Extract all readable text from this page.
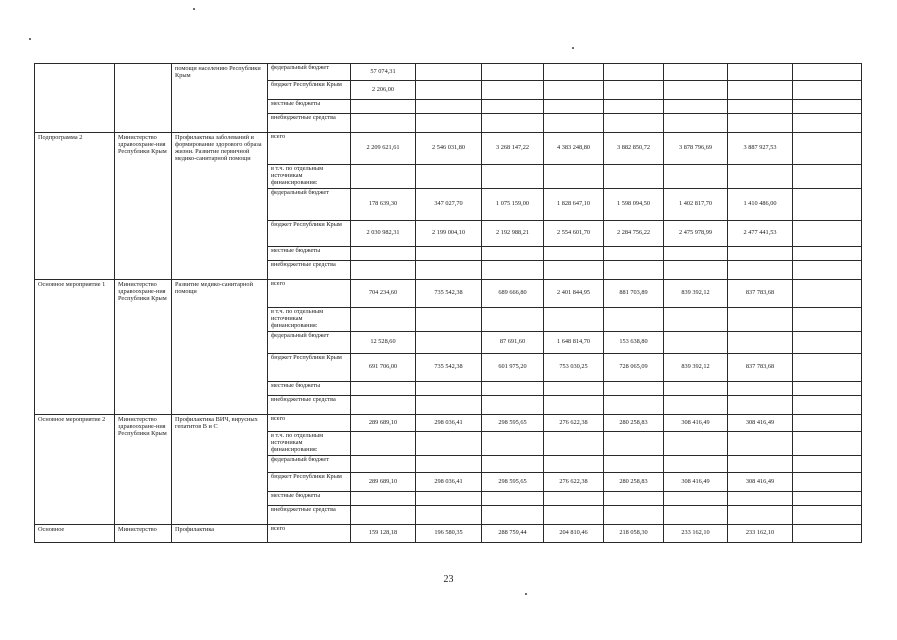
		помощи населению Республики Крым	федеральный бюджет	57 074,31								
			бюджет Республики Крым	2 206,00								
			местные бюджеты									
			внебюджетные средства									
Подпрограмма 2	Министерство здравоохране-ния Республики Крым	Профилактика заболеваний и формирование здорового образа жизни. Развитие первичной медико-санитарной помощи	всего	2 209 621,61	2 546 031,80	3 268 147,22	4 383 248,80	3 882 850,72	3 878 796,69	3 887 927,53		
			в т.ч. по отдельным источникам финансирования:									
			федеральный бюджет	178 639,30	347 027,70	1 075 159,00	1 828 647,10	1 598 094,50	1 402 817,70	1 410 486,00		
			бюджет Республики Крым	2 030 982,31	2 199 004,10	2 192 988,21	2 554 601,70	2 284 756,22	2 475 978,99	2 477 441,53		
			местные бюджеты									
			внебюджетные средства									
Основное мероприятие 1	Министерство здравоохране-ния Республики Крым	Развитие медико-санитарной помощи	всего	704 234,60	735 542,38	689 666,80	2 401 844,95	881 703,89	839 392,12	837 783,68		
			в т.ч. по отдельным источникам финансирования:									
			федеральный бюджет	12 528,60		87 691,60	1 648 814,70	153 638,80				
			бюджет Республики Крым	691 706,00	735 542,38	601 975,20	753 030,25	728 065,09	839 392,12	837 783,68		
			местные бюджеты									
			внебюджетные средства									
Основное мероприятие 2	Министерство здравоохране-ния Республики Крым	Профилактика ВИЧ, вирусных гепатитов В и С	всего	289 689,10	298 036,41	298 595,65	276 622,38	280 258,83	308 416,49	308 416,49		
			в т.ч. по отдельным источникам финансирования:									
			федеральный бюджет									
			бюджет Республики Крым	289 689,10	298 036,41	298 595,65	276 622,38	280 258,83	308 416,49	308 416,49		
			местные бюджеты									
			внебюджетные средства									
Основное	Министерство	Профилактика	всего	159 128,18	196 580,35	288 759,44	204 810,46	218 058,30	233 162,10	233 162,10		
23
